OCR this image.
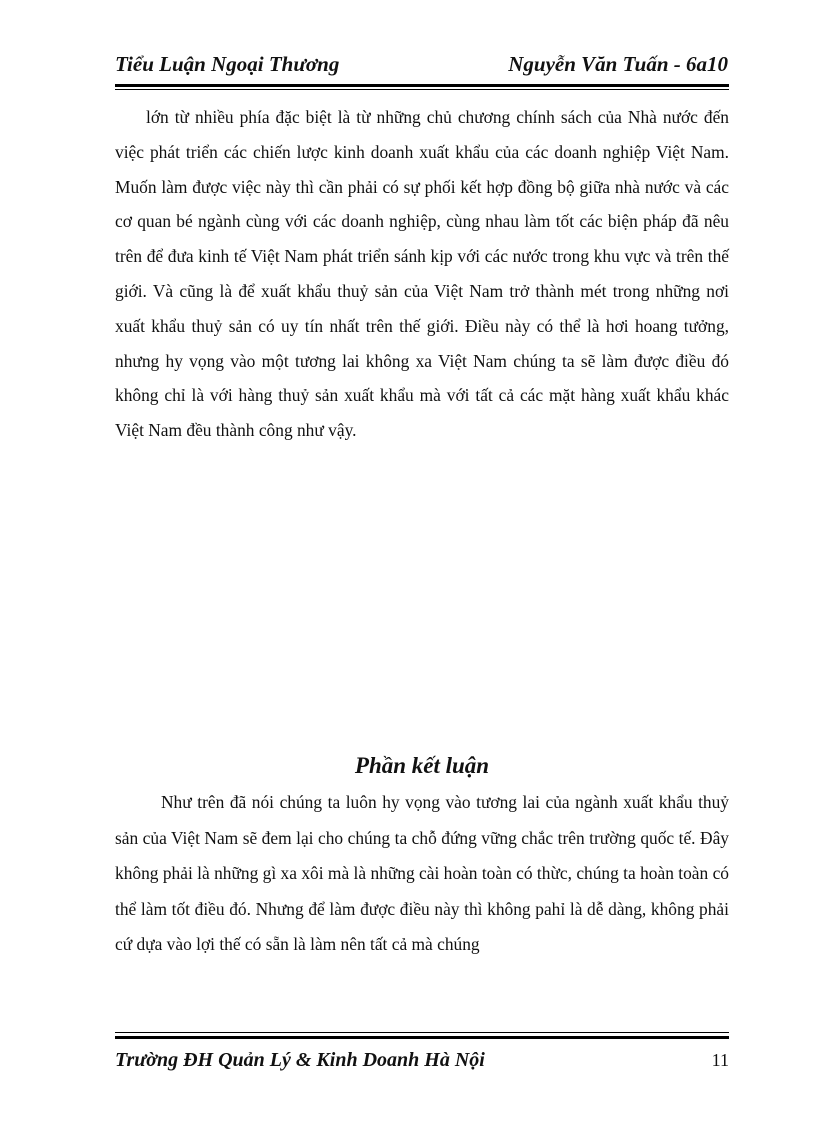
Tiểu Luận Ngoại Thương	Nguyễn Văn Tuấn - 6a10

lớn từ nhiều phía đặc biệt là từ những chủ chương chính sách của Nhà nước đến việc phát triển các chiến lược kinh doanh xuất khẩu của các doanh nghiệp Việt Nam. Muốn làm được việc này thì cần phải có sự phối kết hợp đồng bộ giữa nhà nước và các cơ quan bé ngành cùng với các doanh nghiệp, cùng nhau làm tốt các biện pháp đã nêu trên để đưa kinh tế Việt Nam phát triển sánh kịp với các nước trong khu vực và trên thế giới. Và cũng là để xuất khẩu thuỷ sản của Việt Nam trở thành mét trong những nơi xuất khẩu thuỷ sản có uy tín nhất trên thế giới. Điều này có thể là hơi hoang tưởng, nhưng hy vọng vào một tương lai không xa Việt Nam chúng ta sẽ làm được điều đó không chỉ là với hàng thuỷ sản xuất khẩu mà với tất cả các mặt hàng xuất khẩu khác Việt Nam đều thành công như vậy.

Phần kết luận

Như trên đã nói chúng ta luôn hy vọng vào tương lai của ngành xuất khẩu thuỷ sản của Việt Nam sẽ đem lại cho chúng ta chỗ đứng vững chắc trên trường quốc tế. Đây không phải là những gì xa xôi mà là những cài hoàn toàn có thừc, chúng ta hoàn toàn có thể làm tốt điều đó. Nhưng để làm được điều này thì không pahỉ là dễ dàng, không phải cứ dựa vào lợi thế có sẵn là làm nên tất cả mà chúng

Trường ĐH Quản Lý & Kinh Doanh Hà Nội	11
